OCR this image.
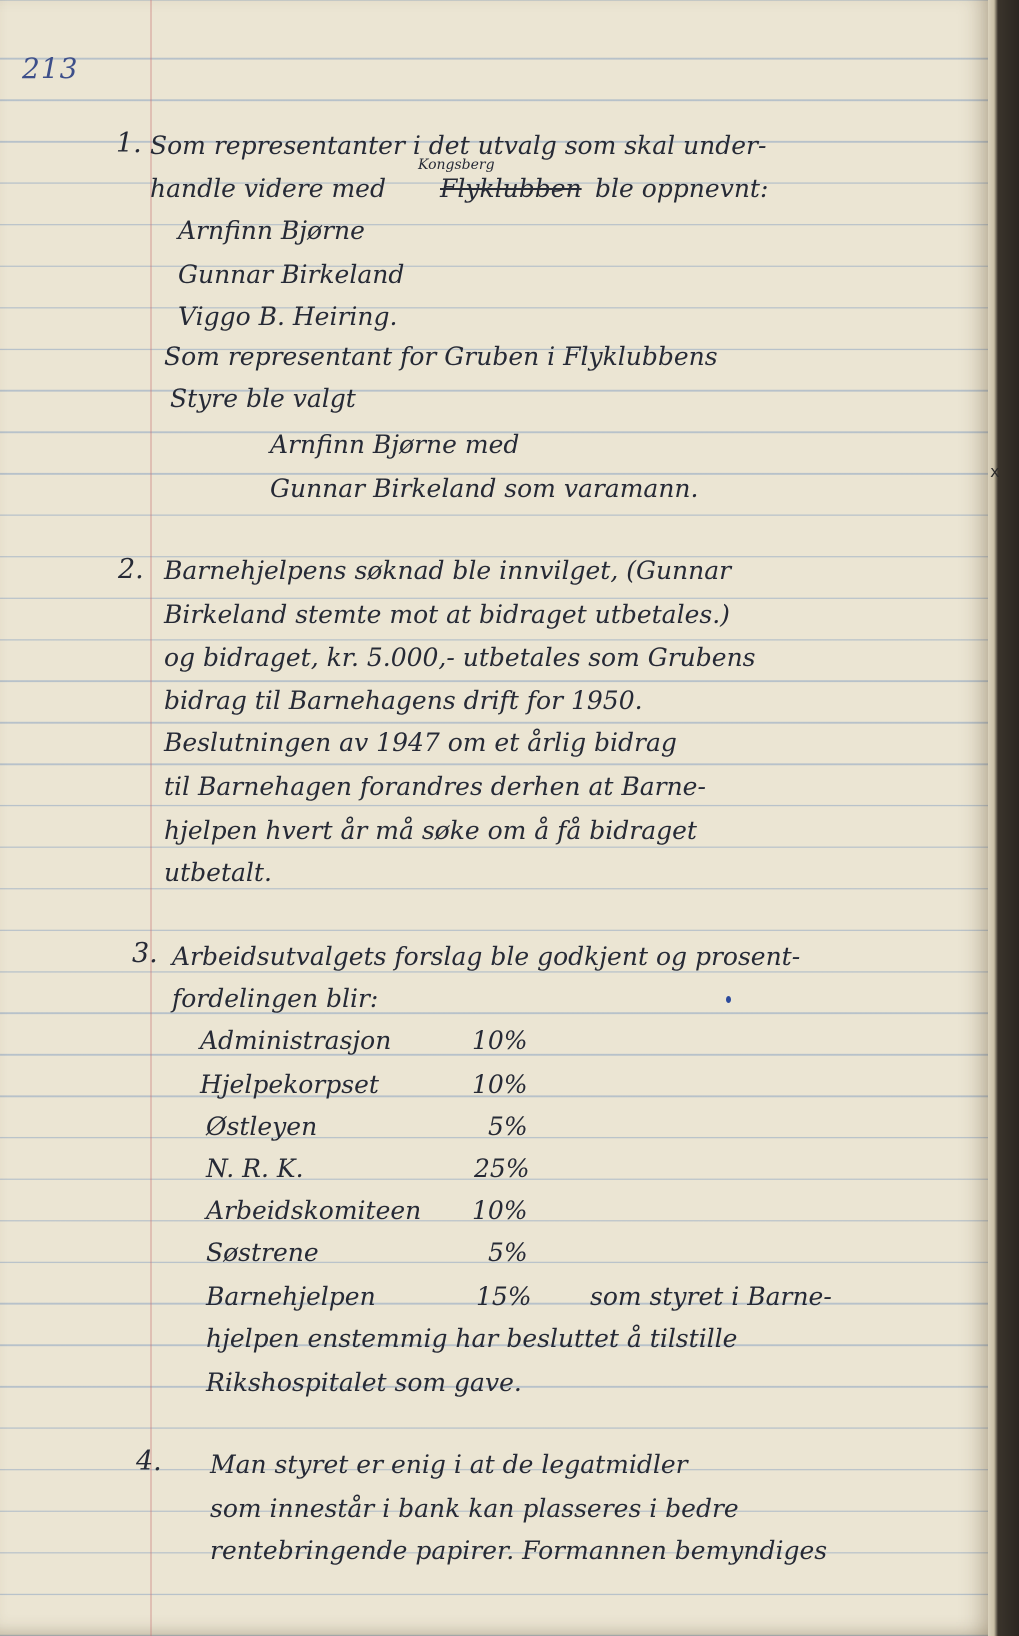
213
1. Som representanter i det utvalg som skal under-
Kongsberg
handle videre med Flyklubben ble oppnevnt:
Arnfinn Bjørne
Gunnar Birkeland
Viggo B. Heiring.
Som representant for Gruben i Flyklubbens
Styre ble valgt
Arnfinn Bjørne med
Gunnar Birkeland som varamann.
2. Barnehjelpens søknad ble innvilget, (Gunnar
Birkeland stemte mot at bidraget utbetales.)
og bidraget, kr. 5.000,- utbetales som Grubens
bidrag til Barnehagens drift for 1950.
Beslutningen av 1947 om et årlig bidrag
til Barnehagen forandres derhen at Barne-
hjelpen hvert år må søke om å få bidraget
utbetalt.
3. Arbeidsutvalgets forslag ble godkjent og prosent-
fordelingen blir:
Administrasjon	10%
Hjelpekorpset	10%
Østleyen	5%
N. R. K.	25%
Arbeidskomiteen 10%
Søstrene	5%
Barnehjelpen	15% som styret i Barne-
hjelpen enstemmig har besluttet å tilstille
Rikshospitalet som gave.
4. Man styret er enig i at de legatmidler
som innestår i bank kan plasseres i bedre
rentebringende papirer. Formannen bemyndiges
x
